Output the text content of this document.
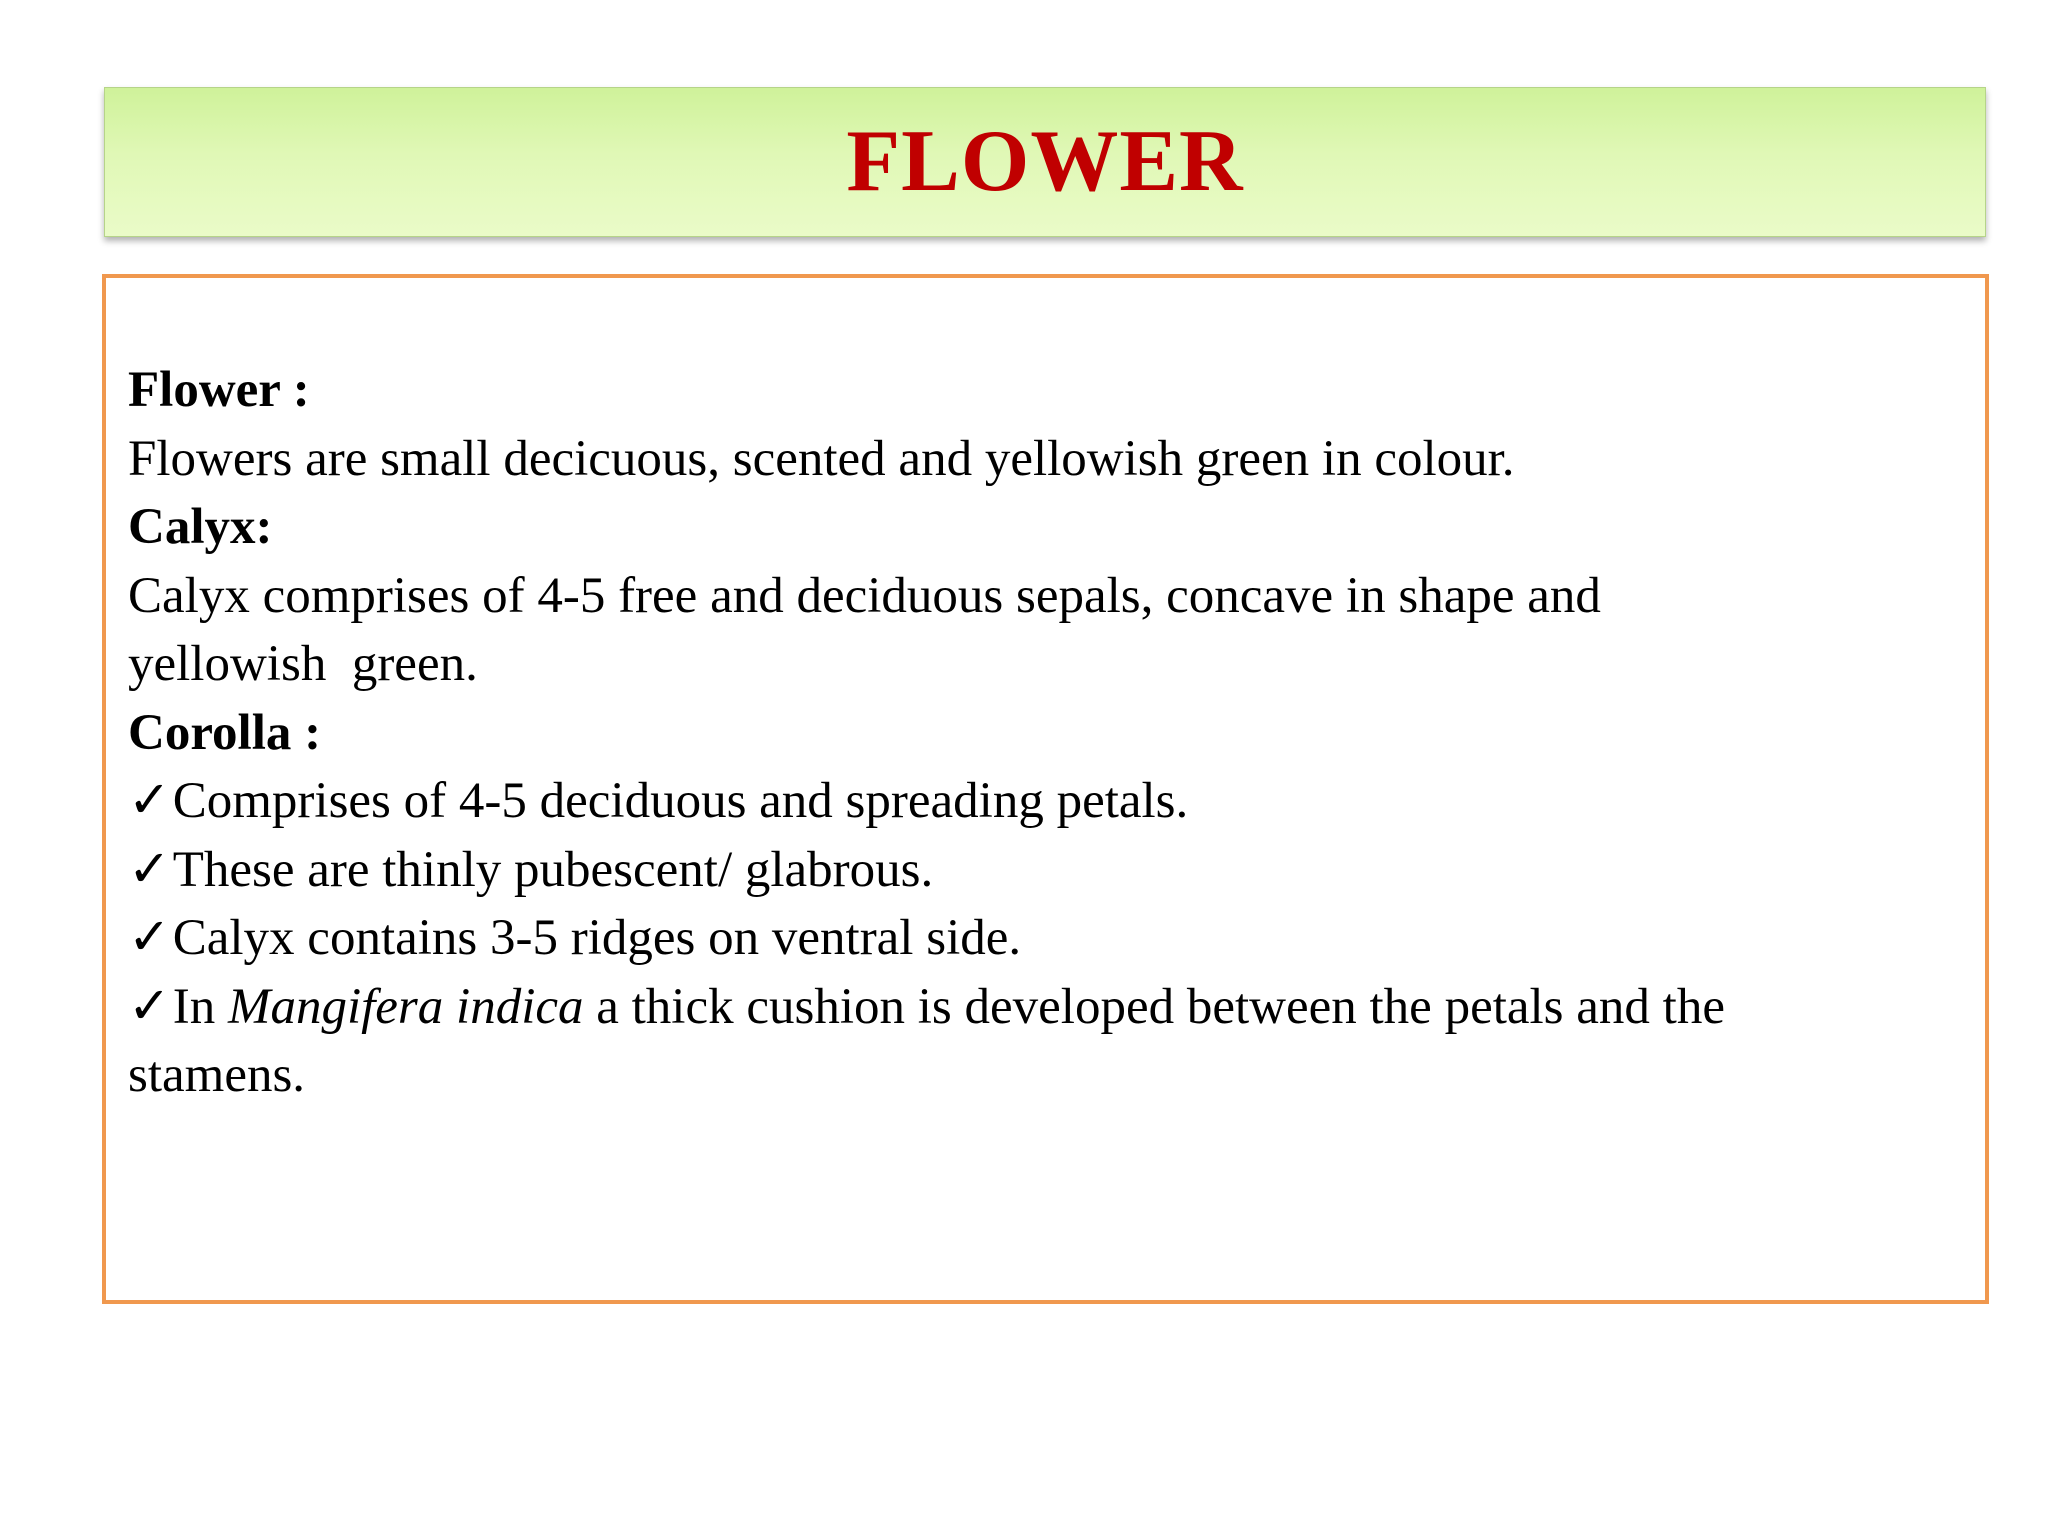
FLOWER
Flower :
Flowers are small decicuous, scented and yellowish green in colour.
Calyx:
Calyx comprises of 4-5 free and deciduous sepals, concave in shape and
yellowish  green.
Corolla :
✓Comprises of 4-5 deciduous and spreading petals.
✓These are thinly pubescent/ glabrous.
✓Calyx contains 3-5 ridges on ventral side.
✓In Mangifera indica a thick cushion is developed between the petals and the
stamens.
